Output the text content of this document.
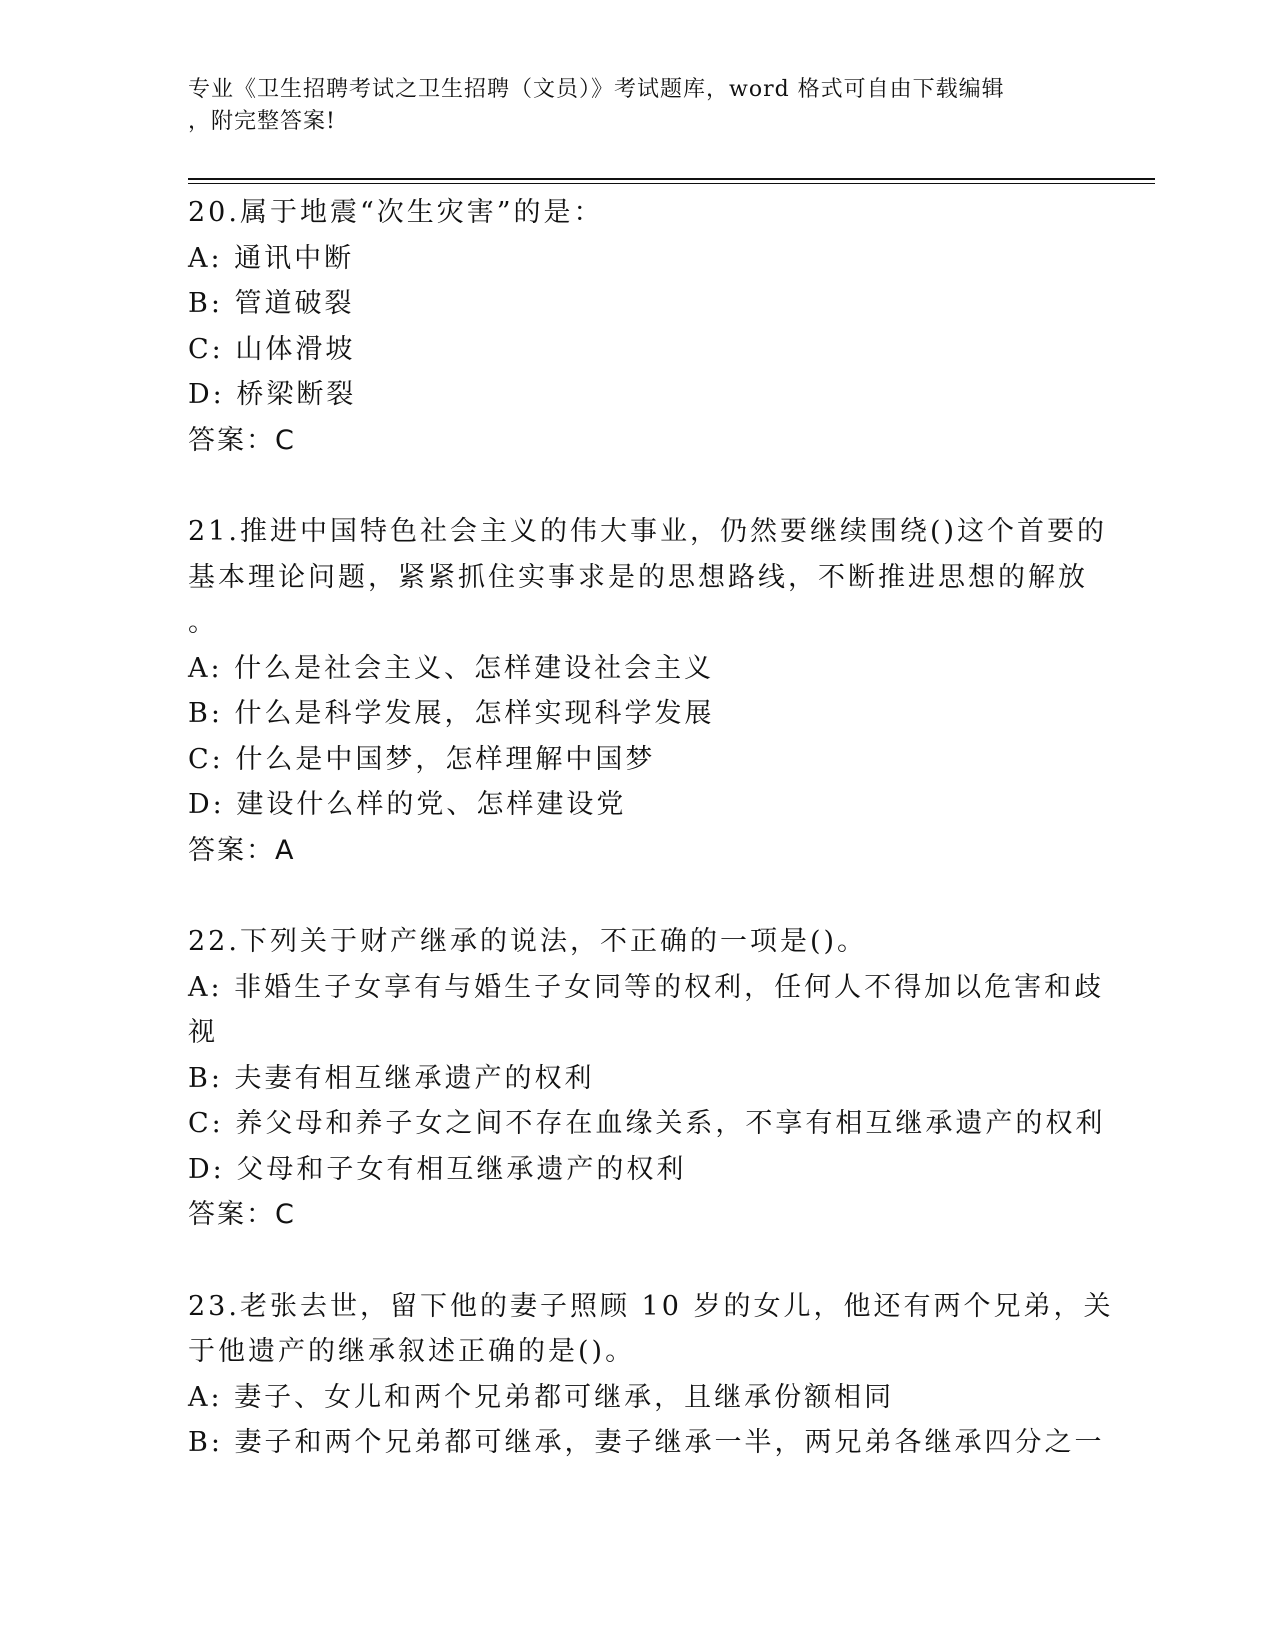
专业《卫生招聘考试之卫生招聘（文员）》考试题库，word 格式可自由下载编辑
，附完整答案!
20.属于地震“次生灾害”的是：
A: 通讯中断
B: 管道破裂
C: 山体滑坡
D: 桥梁断裂
答案：C
21.推进中国特色社会主义的伟大事业，仍然要继续围绕()这个首要的
基本理论问题，紧紧抓住实事求是的思想路线，不断推进思想的解放
。
A: 什么是社会主义、怎样建设社会主义
B: 什么是科学发展，怎样实现科学发展
C: 什么是中国梦，怎样理解中国梦
D: 建设什么样的党、怎样建设党
答案：A
22.下列关于财产继承的说法，不正确的一项是()。
A: 非婚生子女享有与婚生子女同等的权利，任何人不得加以危害和歧
视
B: 夫妻有相互继承遗产的权利
C: 养父母和养子女之间不存在血缘关系，不享有相互继承遗产的权利
D: 父母和子女有相互继承遗产的权利
答案：C
23.老张去世，留下他的妻子照顾 10 岁的女儿，他还有两个兄弟，关
于他遗产的继承叙述正确的是()。
A: 妻子、女儿和两个兄弟都可继承，且继承份额相同
B: 妻子和两个兄弟都可继承，妻子继承一半，两兄弟各继承四分之一
